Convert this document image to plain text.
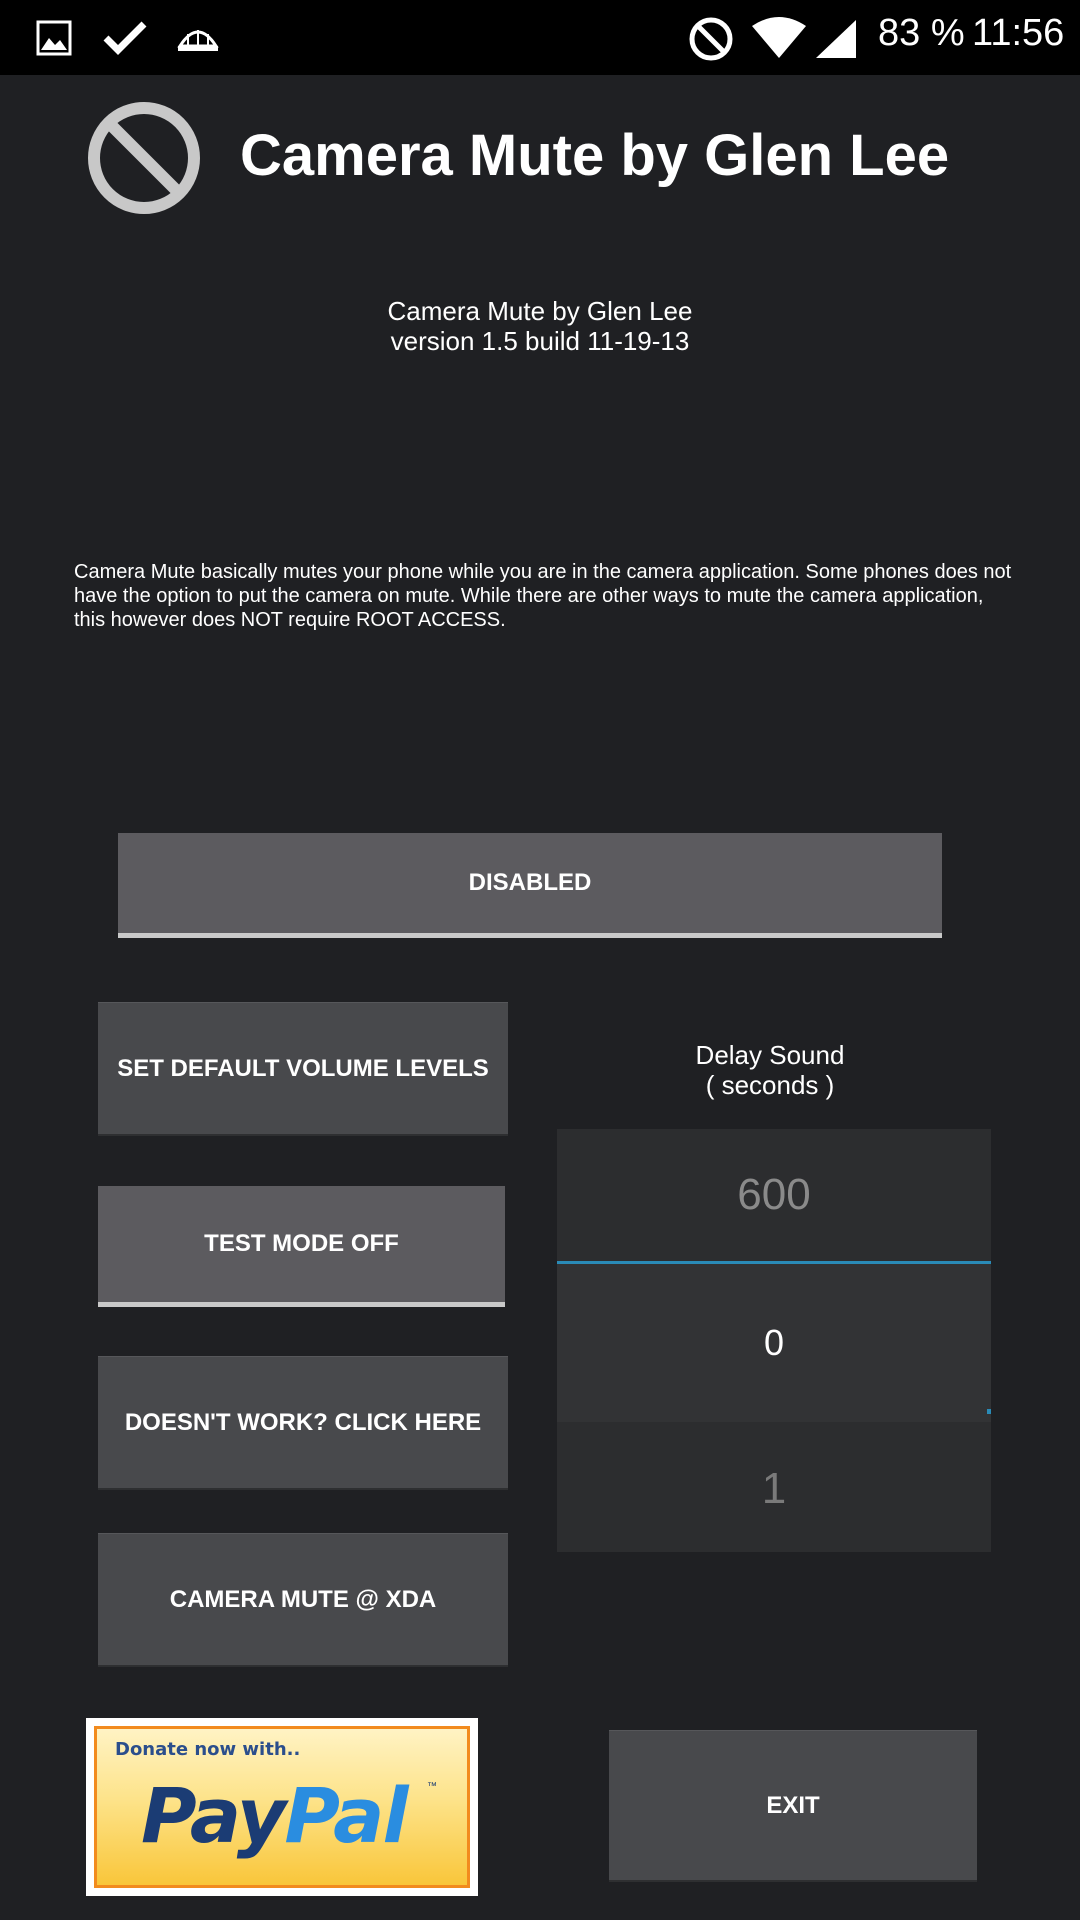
83 % 11:56
Camera Mute by Glen Lee
Camera Mute by Glen Lee
version 1.5 build 11-19-13
Camera Mute basically mutes your phone while you are in the camera application. Some phones does not have the option to put the camera on mute. While there are other ways to mute the camera application, this however does NOT require ROOT ACCESS.
DISABLED
SET DEFAULT VOLUME LEVELS
TEST MODE OFF
DOESN'T WORK? CLICK HERE
CAMERA MUTE @ XDA
Delay Sound
( seconds )
600
0
1
Donate now with..
PayPal ™
EXIT
